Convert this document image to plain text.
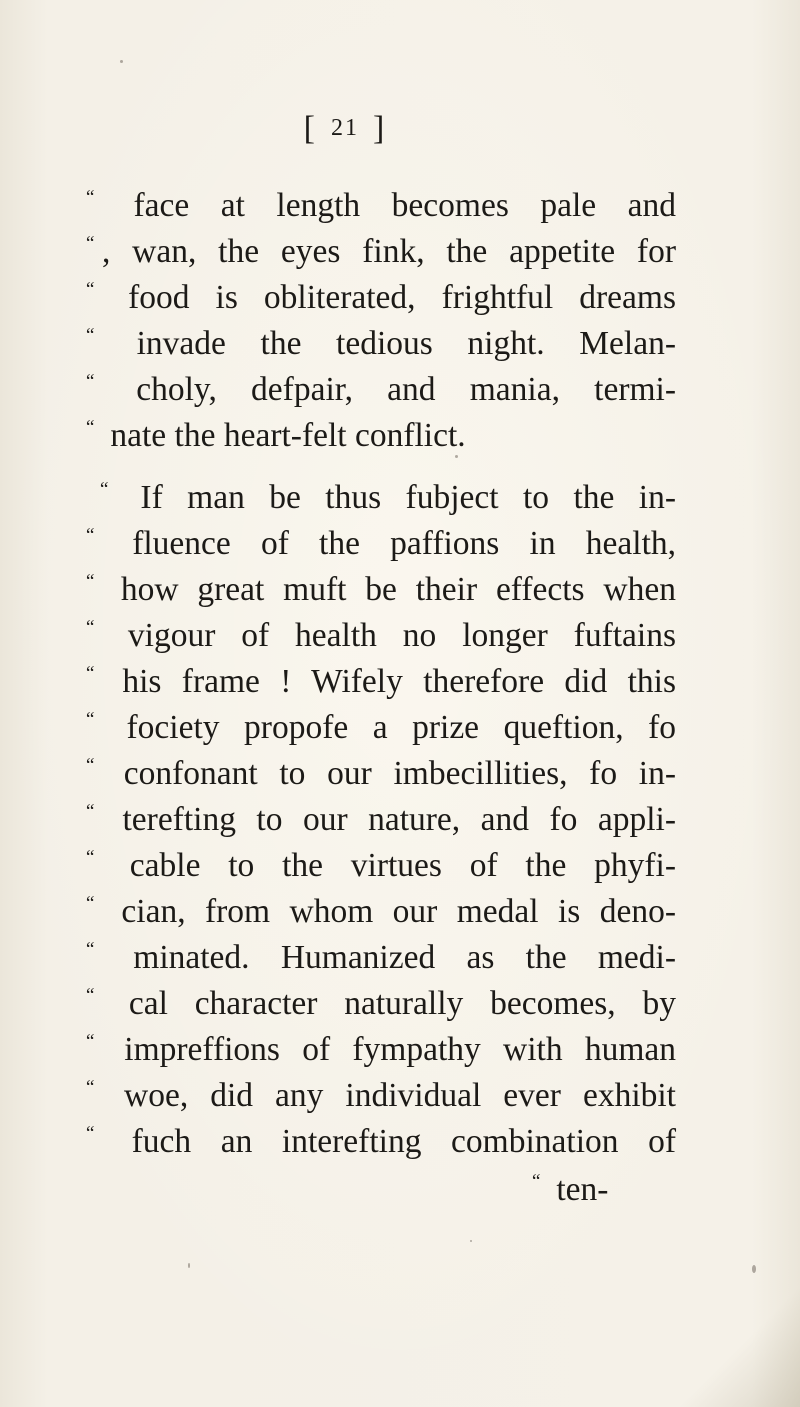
[ 21 ]
“ face at length becomes pale and
“ , wan, the eyes fink, the appetite for
“ food is obliterated, frightful dreams
“ invade the tedious night. Melan-
“ choly, defpair, and mania, termi-
“ nate the heart-felt conflict.
“ If man be thus fubject to the in-
“ fluence of the paffions in health,
“ how great muft be their effects when
“ vigour of health no longer fuftains
“ his frame ! Wifely therefore did this
“ fociety propofe a prize queftion, fo
“ confonant to our imbecillities, fo in-
“ terefting to our nature, and fo appli-
“ cable to the virtues of the phyfi-
“ cian, from whom our medal is deno-
“ minated. Humanized as the medi-
“ cal character naturally becomes, by
“ impreffions of fympathy with human
“ woe, did any individual ever exhibit
“ fuch an interefting combination of
“ ten-
